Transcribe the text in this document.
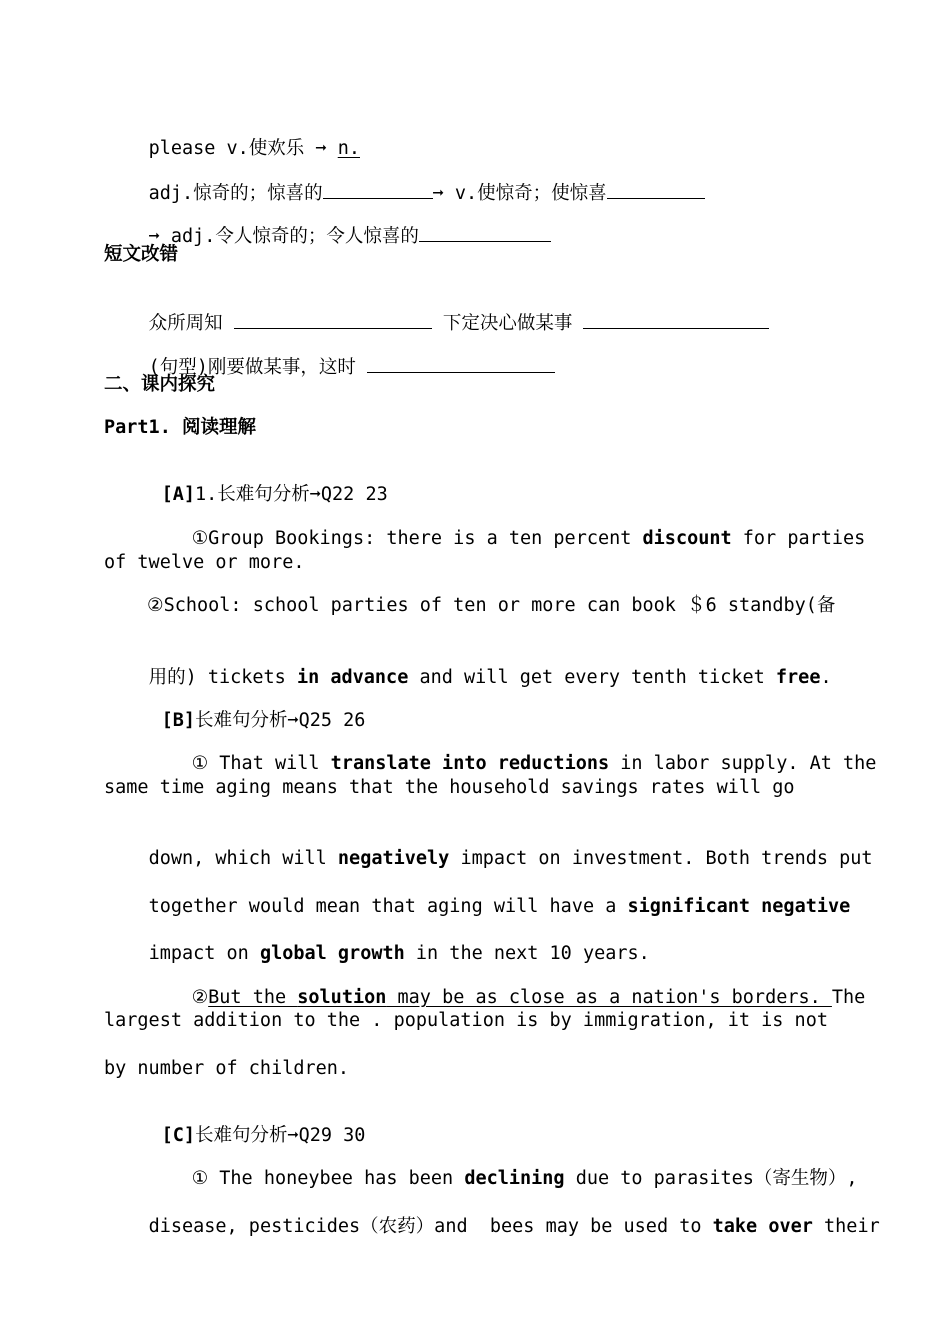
please v.使欢乐 ➞ n.

adj.惊奇的；惊喜的	➞ v.使惊奇；使惊喜

➞ adj.令人惊奇的；令人惊喜的

短文改错

众所周知	下定决心做某事

(句型)刚要做某事，这时

二、课内探究
Part1. 阅读理解

[A]1.长难句分析➞Q22 23

①Group Bookings: there is a ten percent discount for parties

of twelve or more.
②School: school parties of ten or more can book ＄6 standby(备

用的) tickets in advance and will get every tenth ticket free.

[B]长难句分析➞Q25 26

① That will translate into reductions in labor supply. At the

same time aging means that the household savings rates will go

down, which will negatively impact on investment. Both trends put

together would mean that aging will have a significant negative

impact on global growth in the next 10 years.

②But the solution may be as close as a nation's borders. The

largest addition to the . population is by immigration, it is not
by number of children.

[C]长难句分析➞Q29 30

① The honeybee has been declining due to parasites（寄生物）,

disease, pesticides（农药）and  bees may be used to take over their
